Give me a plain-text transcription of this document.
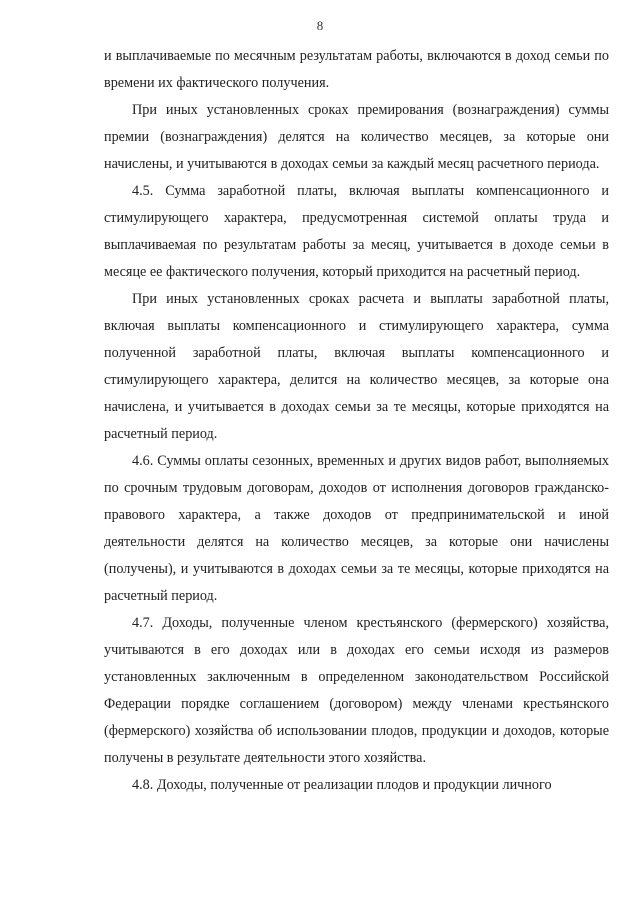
8

и выплачиваемые по месячным результатам работы, включаются в доход семьи по времени их фактического получения.

При иных установленных сроках премирования (вознаграждения) суммы премии (вознаграждения) делятся на количество месяцев, за которые они начислены, и учитываются в доходах семьи за каждый месяц расчетного периода.

4.5. Сумма заработной платы, включая выплаты компенсационного и стимулирующего характера, предусмотренная системой оплаты труда и выплачиваемая по результатам работы за месяц, учитывается в доходе семьи в месяце ее фактического получения, который приходится на расчетный период.

При иных установленных сроках расчета и выплаты заработной платы, включая выплаты компенсационного и стимулирующего характера, сумма полученной заработной платы, включая выплаты компенсационного и стимулирующего характера, делится на количество месяцев, за которые она начислена, и учитывается в доходах семьи за те месяцы, которые приходятся на расчетный период.

4.6. Суммы оплаты сезонных, временных и других видов работ, выполняемых по срочным трудовым договорам, доходов от исполнения договоров гражданско-правового характера, а также доходов от предпринимательской и иной деятельности делятся на количество месяцев, за которые они начислены (получены), и учитываются в доходах семьи за те месяцы, которые приходятся на расчетный период.

4.7. Доходы, полученные членом крестьянского (фермерского) хозяйства, учитываются в его доходах или в доходах его семьи исходя из размеров установленных заключенным в определенном законодательством Российской Федерации порядке соглашением (договором) между членами крестьянского (фермерского) хозяйства об использовании плодов, продукции и доходов, которые получены в результате деятельности этого хозяйства.

4.8. Доходы, полученные от реализации плодов и продукции личного
